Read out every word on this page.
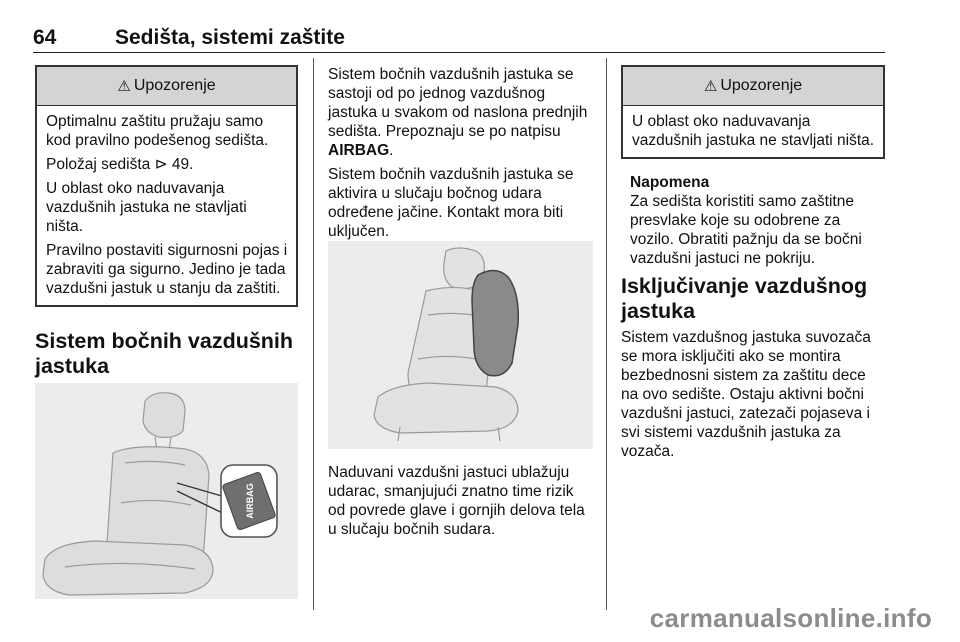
64	Sedišta, sistemi zaštite
⚠ Upozorenje

Optimalnu zaštitu pružaju samo kod pravilno podešenog sedišta.

Položaj sedišta ⊳ 49.

U oblast oko naduvavanja vazdušnih jastuka ne stavljati ništa.

Pravilno postaviti sigurnosni pojas i zabraviti ga sigurno. Jedino je tada vazdušni jastuk u stanju da zaštiti.

Sistem bočnih vazdušnih
jastuka
AIRBAG

Sistem bočnih vazdušnih jastuka se sastoji od po jednog vazdušnog jastuka u svakom od naslona prednjih sedišta. Prepoznaju se po natpisu AIRBAG.

Sistem bočnih vazdušnih jastuka se aktivira u slučaju bočnog udara određene jačine. Kontakt mora biti uključen.

Naduvani vazdušni jastuci ublažuju udarac, smanjujući znatno time rizik od povrede glave i gornjih delova tela u slučaju bočnih sudara.

⚠ Upozorenje

U oblast oko naduvavanja vazdušnih jastuka ne stavljati ništa.

Napomena

Za sedišta koristiti samo zaštitne presvlake koje su odobrene za vozilo. Obratiti pažnju da se bočni vazdušni jastuci ne pokriju.

Isključivanje vazdušnog
jastuka

Sistem vazdušnog jastuka suvozača se mora isključiti ako se montira bezbednosni sistem za zaštitu dece na ovo sedište. Ostaju aktivni bočni vazdušni jastuci, zatezači pojaseva i svi sistemi vazdušnih jastuka za vozača.

carmanualsonline.info
